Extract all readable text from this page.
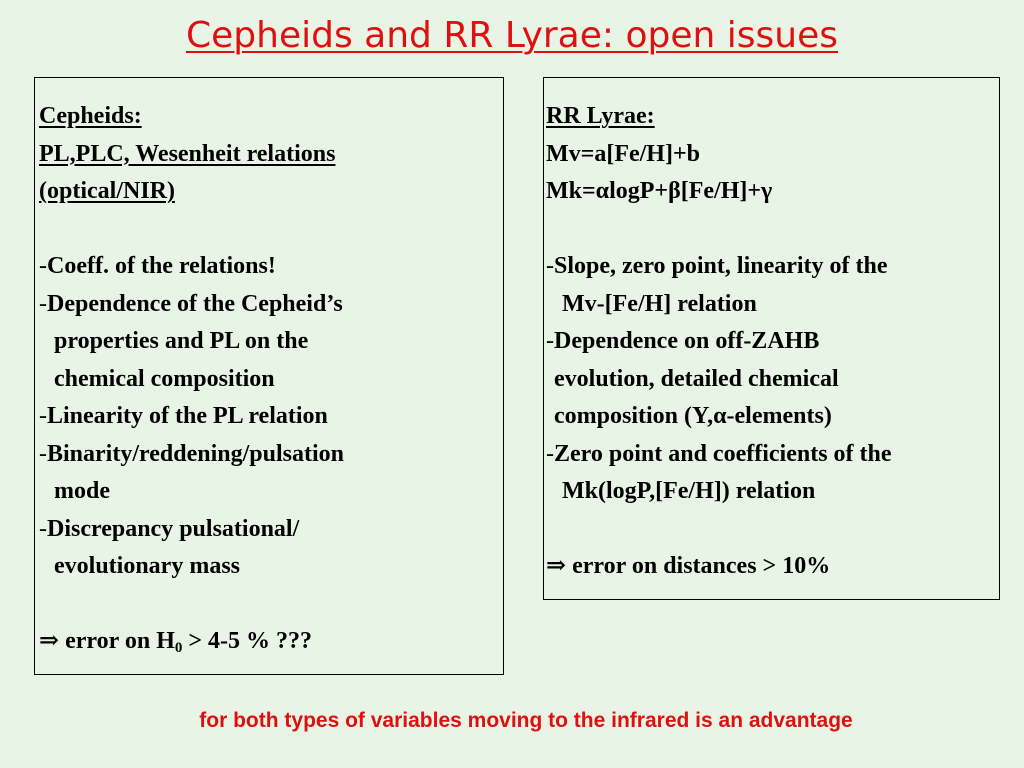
Cepheids and RR Lyrae: open issues
Cepheids:
PL,PLC, Wesenheit relations
(optical/NIR)
-Coeff. of the relations!
-Dependence of the Cepheid’s
properties and PL on the
chemical composition
-Linearity of the PL relation
-Binarity/reddening/pulsation
mode
-Discrepancy pulsational/
evolutionary mass
⇒ error on $H_0 > 4-5$ % ???
RR Lyrae:
Mv=a[Fe/H]+b
Mk=αlogP+β[Fe/H]+γ
-Slope, zero point, linearity of the
Mv-[Fe/H] relation
-Dependence on off-ZAHB
evolution, detailed chemical
composition (Y,α-elements)
-Zero point and coefficients of the
Mk(logP,[Fe/H]) relation
⇒ error on distances > 10%
for both types of variables moving to the infrared is an advantage
